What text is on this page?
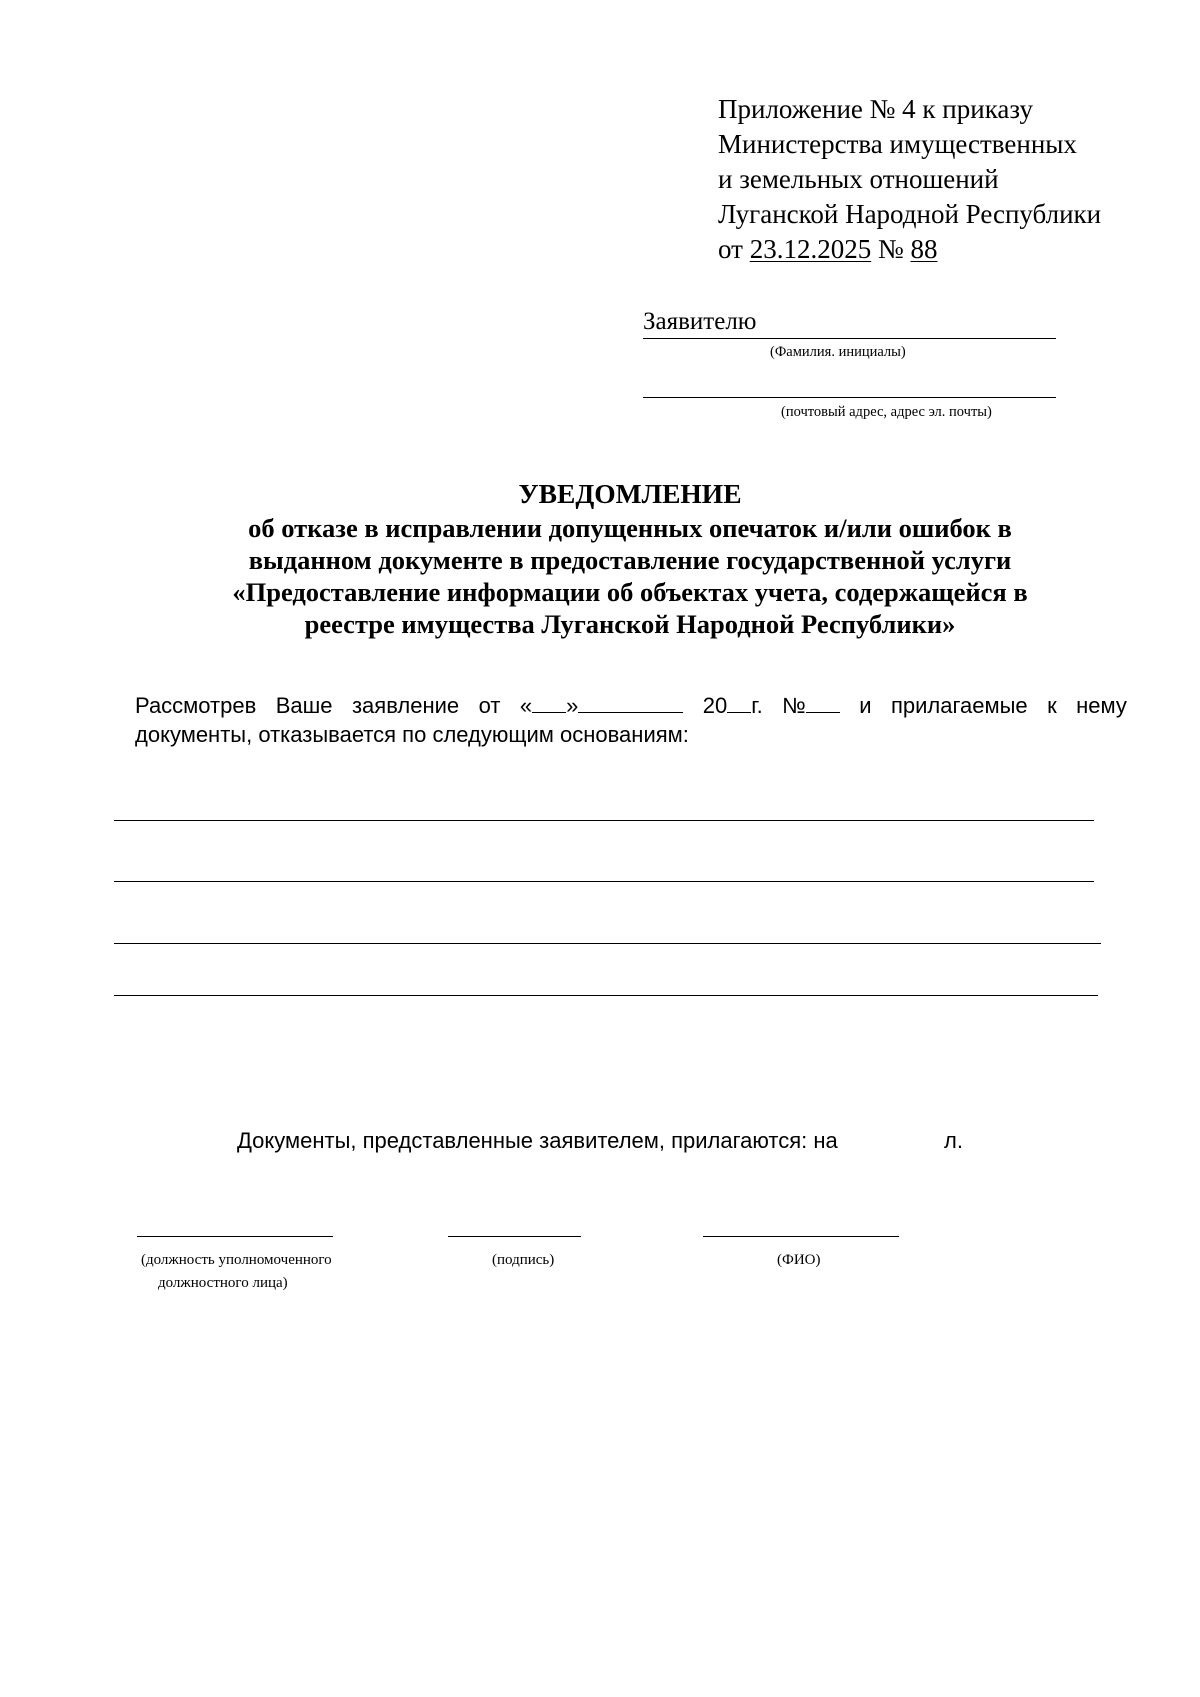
Приложение № 4 к приказу
Министерства имущественных
и земельных отношений
Луганской Народной Республики
от 23.12.2025 № 88
Заявителю
(Фамилия. инициалы)
(почтовый адрес, адрес эл. почты)
УВЕДОМЛЕНИЕ
об отказе в исправлении допущенных опечаток и/или ошибок в
выданном документе в предоставление государственной услуги
«Предоставление информации об объектах учета, содержащейся в
реестре имущества Луганской Народной Республики»
Рассмотрев Ваше заявление от « »	20 г. №	и прилагаемые к нему
документы, отказывается по следующим основаниям:
Документы, представленные заявителем, прилагаются: на	л.
(должность уполномоченного
должностного лица)
(подпись)	(ФИО)
